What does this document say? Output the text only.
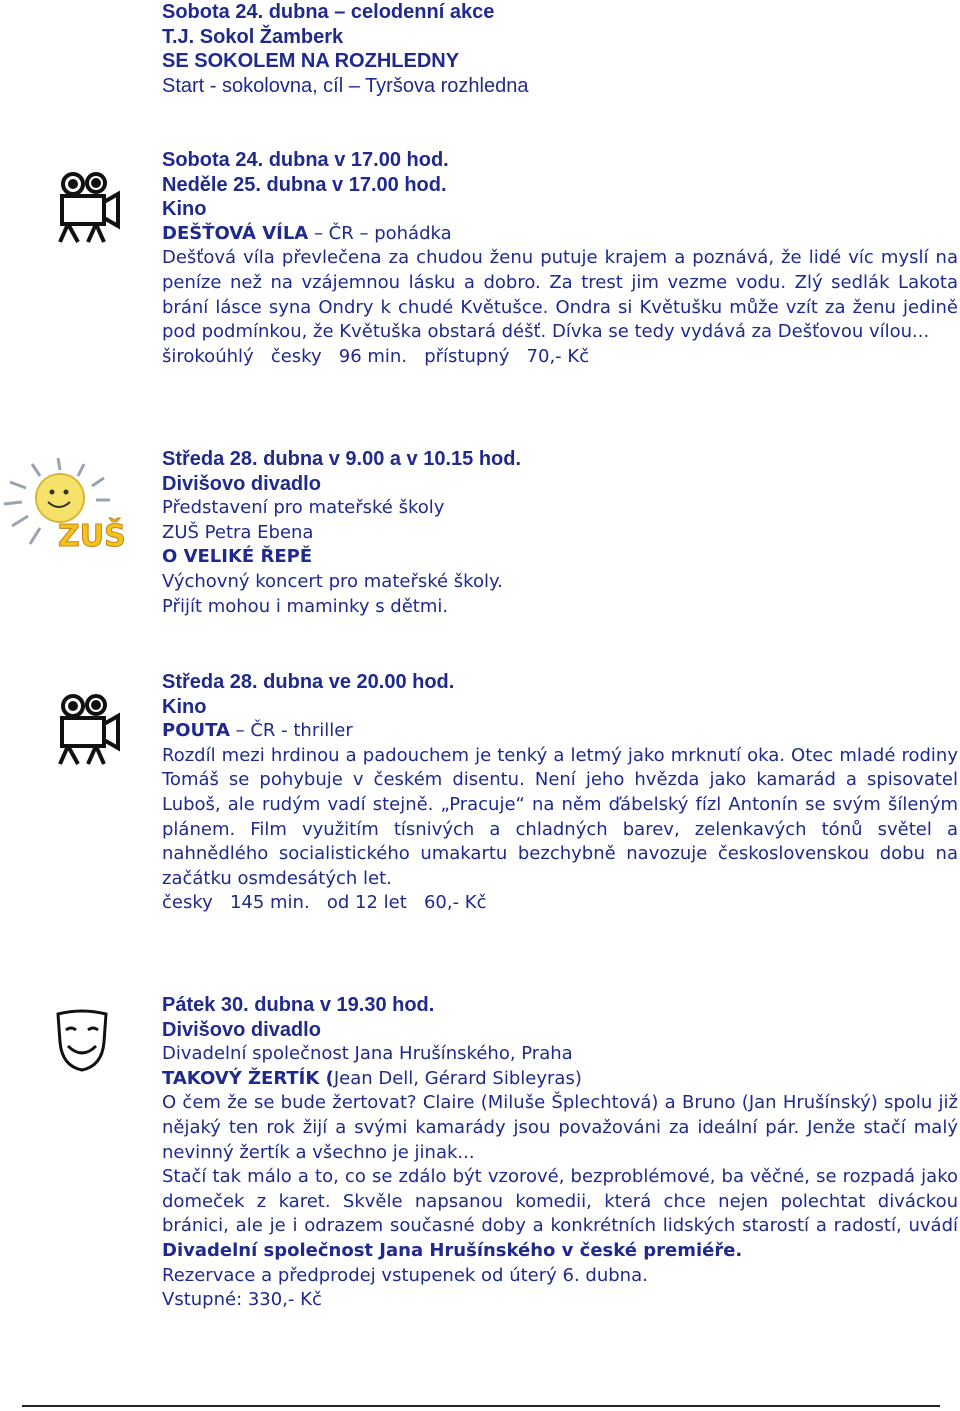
Sobota 24. dubna – celodenní akce
T.J. Sokol Žamberk
SE SOKOLEM NA ROZHLEDNY
Start - sokolovna, cíl – Tyršova rozhledna
Sobota 24. dubna v 17.00 hod.
Neděle 25. dubna v 17.00 hod.
Kino
DEŠŤOVÁ VÍLA – ČR – pohádka

Dešťová víla převlečena za chudou ženu putuje krajem a poznává, že lidé víc myslí na peníze než na vzájemnou lásku a dobro. Za trest jim vezme vodu. Zlý sedlák Lakota brání lásce syna Ondry k chudé Květušce. Ondra si Květušku může vzít za ženu jedině pod podmínkou, že Květuška obstará déšť. Dívka se tedy vydává za Dešťovou vílou...

širokoúhlý   česky   96 min.   přístupný   70,- Kč
ZUŠ
Středa 28. dubna v 9.00 a v 10.15 hod.
Divišovo divadlo
Představení pro mateřské školy
ZUŠ Petra Ebena
O VELIKÉ ŘEPĚ
Výchovný koncert pro mateřské školy.
Přijít mohou i maminky s dětmi.
Středa 28. dubna ve 20.00 hod.
Kino
POUTA – ČR - thriller

Rozdíl mezi hrdinou a padouchem je tenký a letmý jako mrknutí oka. Otec mladé rodiny Tomáš se pohybuje v českém disentu. Není jeho hvězda jako kamarád a spisovatel Luboš, ale rudým vadí stejně. „Pracuje“ na něm ďábelský fízl Antonín se svým šíleným plánem. Film využitím tísnivých a chladných barev, zelenkavých tónů světel a nahnědlého socialistického umakartu bezchybně navozuje československou dobu na začátku osmdesátých let.

česky   145 min.   od 12 let   60,- Kč
Pátek 30. dubna v 19.30 hod.
Divišovo divadlo
Divadelní společnost Jana Hrušínského, Praha
TAKOVÝ ŽERTÍK (Jean Dell, Gérard Sibleyras)

O čem že se bude žertovat? Claire (Miluše Šplechtová) a Bruno (Jan Hrušínský) spolu již nějaký ten rok žijí a svými kamarády jsou považováni za ideální pár. Jenže stačí malý nevinný žertík a všechno je jinak...

Stačí tak málo a to, co se zdálo být vzorové, bezproblémové, ba věčné, se rozpadá jako domeček z karet. Skvěle napsanou komedii, která chce nejen polechtat diváckou bránici, ale je i odrazem současné doby a konkrétních lidských starostí a radostí, uvádí Divadelní společnost Jana Hrušínského v české premiéře.

Rezervace a předprodej vstupenek od úterý 6. dubna.
Vstupné: 330,- Kč
